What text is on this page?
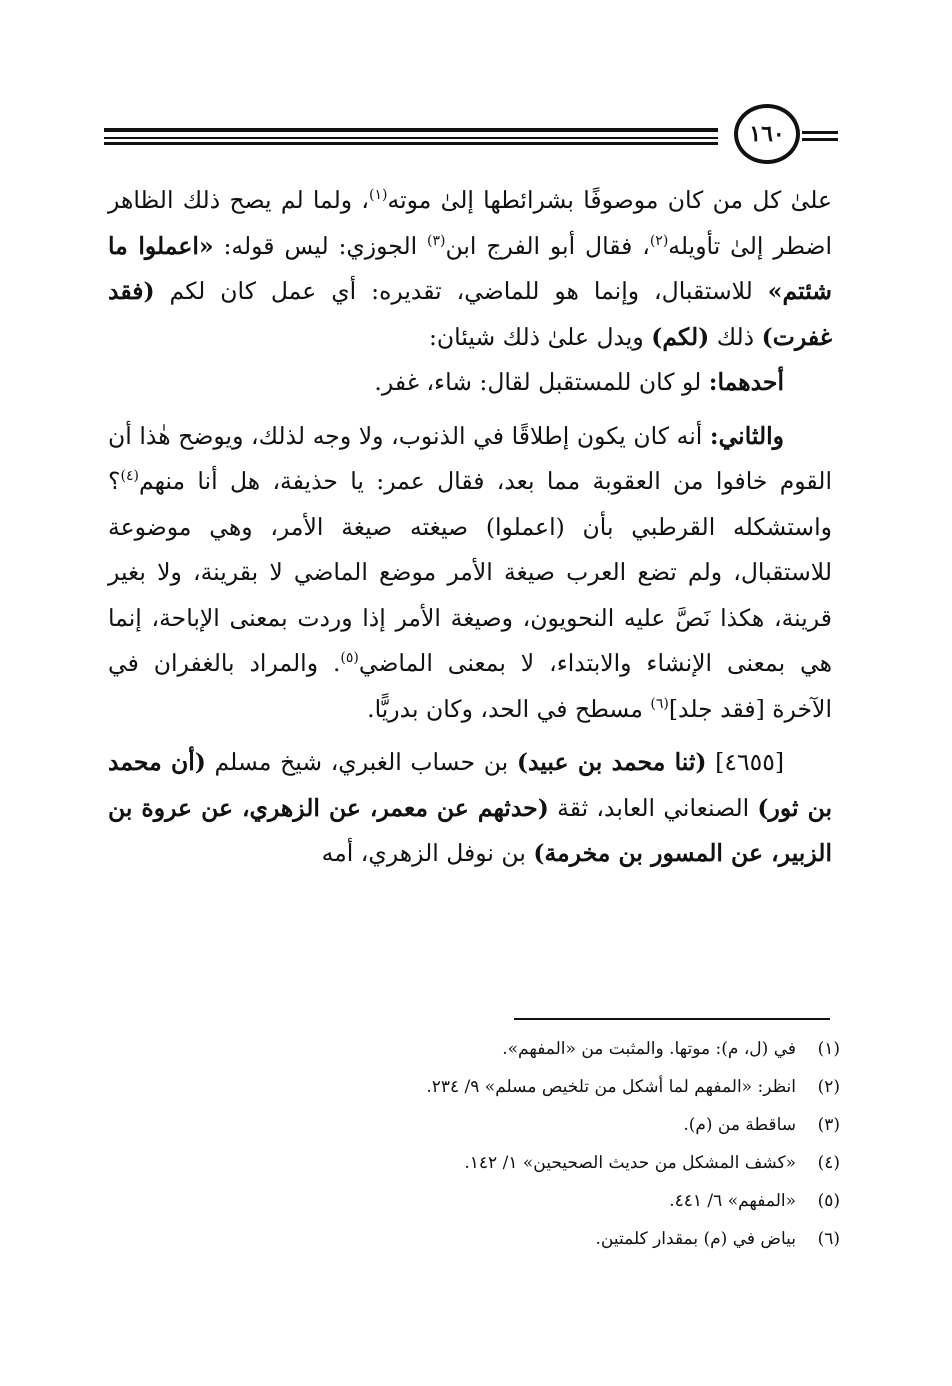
١٦٠

علىٰ كل من كان موصوفًا بشرائطها إلىٰ موته$^{(١)}$، ولما لم يصح ذلك الظاهر اضطر إلىٰ تأويله$^{(٢)}$، فقال أبو الفرج ابن$^{(٣)}$ الجوزي: ليس قوله: «اعملوا ما شئتم» للاستقبال، وإنما هو للماضي، تقديره: أي عمل كان لكم (فقد غفرت) ذلك (لكم) ويدل علىٰ ذلك شيئان:

أحدهما: لو كان للمستقبل لقال: شاء، غفر.

والثاني: أنه كان يكون إطلاقًا في الذنوب، ولا وجه لذلك، ويوضح هٰذا أن القوم خافوا من العقوبة مما بعد، فقال عمر: يا حذيفة، هل أنا منهم$^{(٤)}$؟ واستشكله القرطبي بأن (اعملوا) صيغته صيغة الأمر، وهي موضوعة للاستقبال، ولم تضع العرب صيغة الأمر موضع الماضي لا بقرينة، ولا بغير قرينة، هكذا نَصَّ عليه النحويون، وصيغة الأمر إذا وردت بمعنى الإباحة، إنما هي بمعنى الإنشاء والابتداء، لا بمعنى الماضي$^{(٥)}$. والمراد بالغفران في الآخرة [فقد جلد]$^{(٦)}$ مسطح في الحد، وكان بدريًّا.

[٤٦٥٥] (ثنا محمد بن عبيد) بن حساب الغبري، شيخ مسلم (أن محمد بن ثور) الصنعاني العابد، ثقة (حدثهم عن معمر، عن الزهري، عن عروة بن الزبير، عن المسور بن مخرمة) بن نوفل الزهري، أمه

(١)في (ل، م): موتها. والمثبت من «المفهم».
(٢)انظر: «المفهم لما أشكل من تلخيص مسلم» ٩/ ٢٣٤.
(٣)ساقطة من (م).
(٤)«كشف المشكل من حديث الصحيحين» ١/ ١٤٢.
(٥)«المفهم» ٦/ ٤٤١.
(٦)بياض في (م) بمقدار كلمتين.
